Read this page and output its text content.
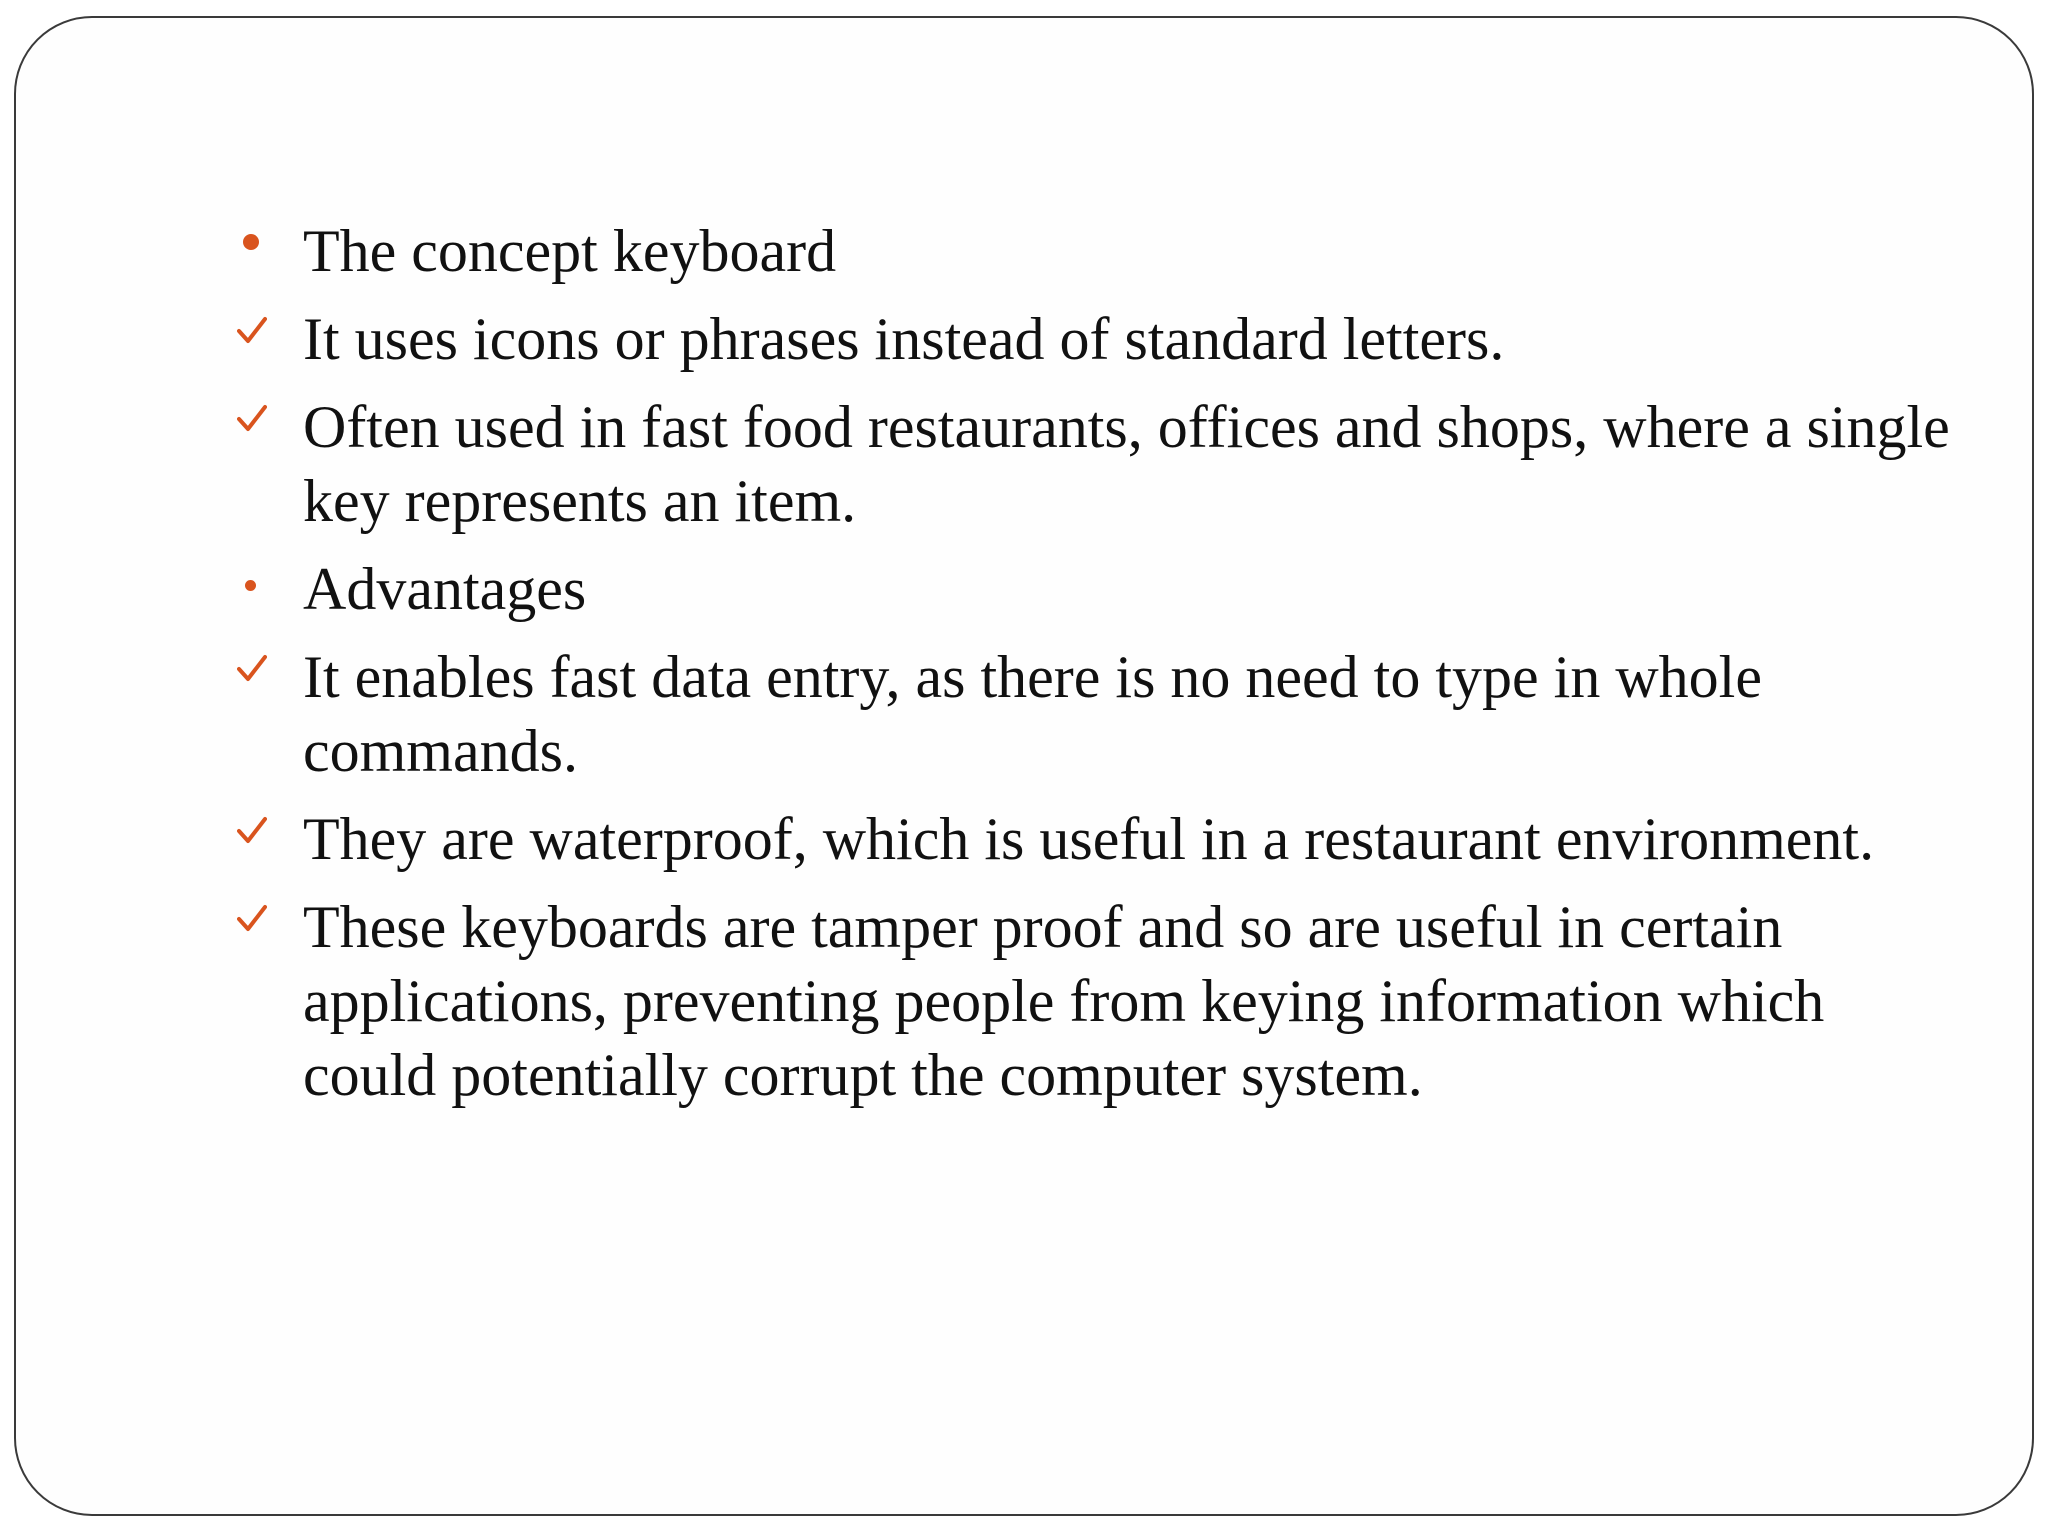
The concept keyboard
It uses icons or phrases instead of standard letters.
Often used in fast food restaurants, offices and shops, where a single key represents an item.
Advantages
It enables fast data entry, as there is no need to type in whole commands.
They are waterproof, which is useful in a restaurant environment.
These keyboards are tamper proof and so are useful in certain applications, preventing people from keying information which could potentially corrupt the computer system.
